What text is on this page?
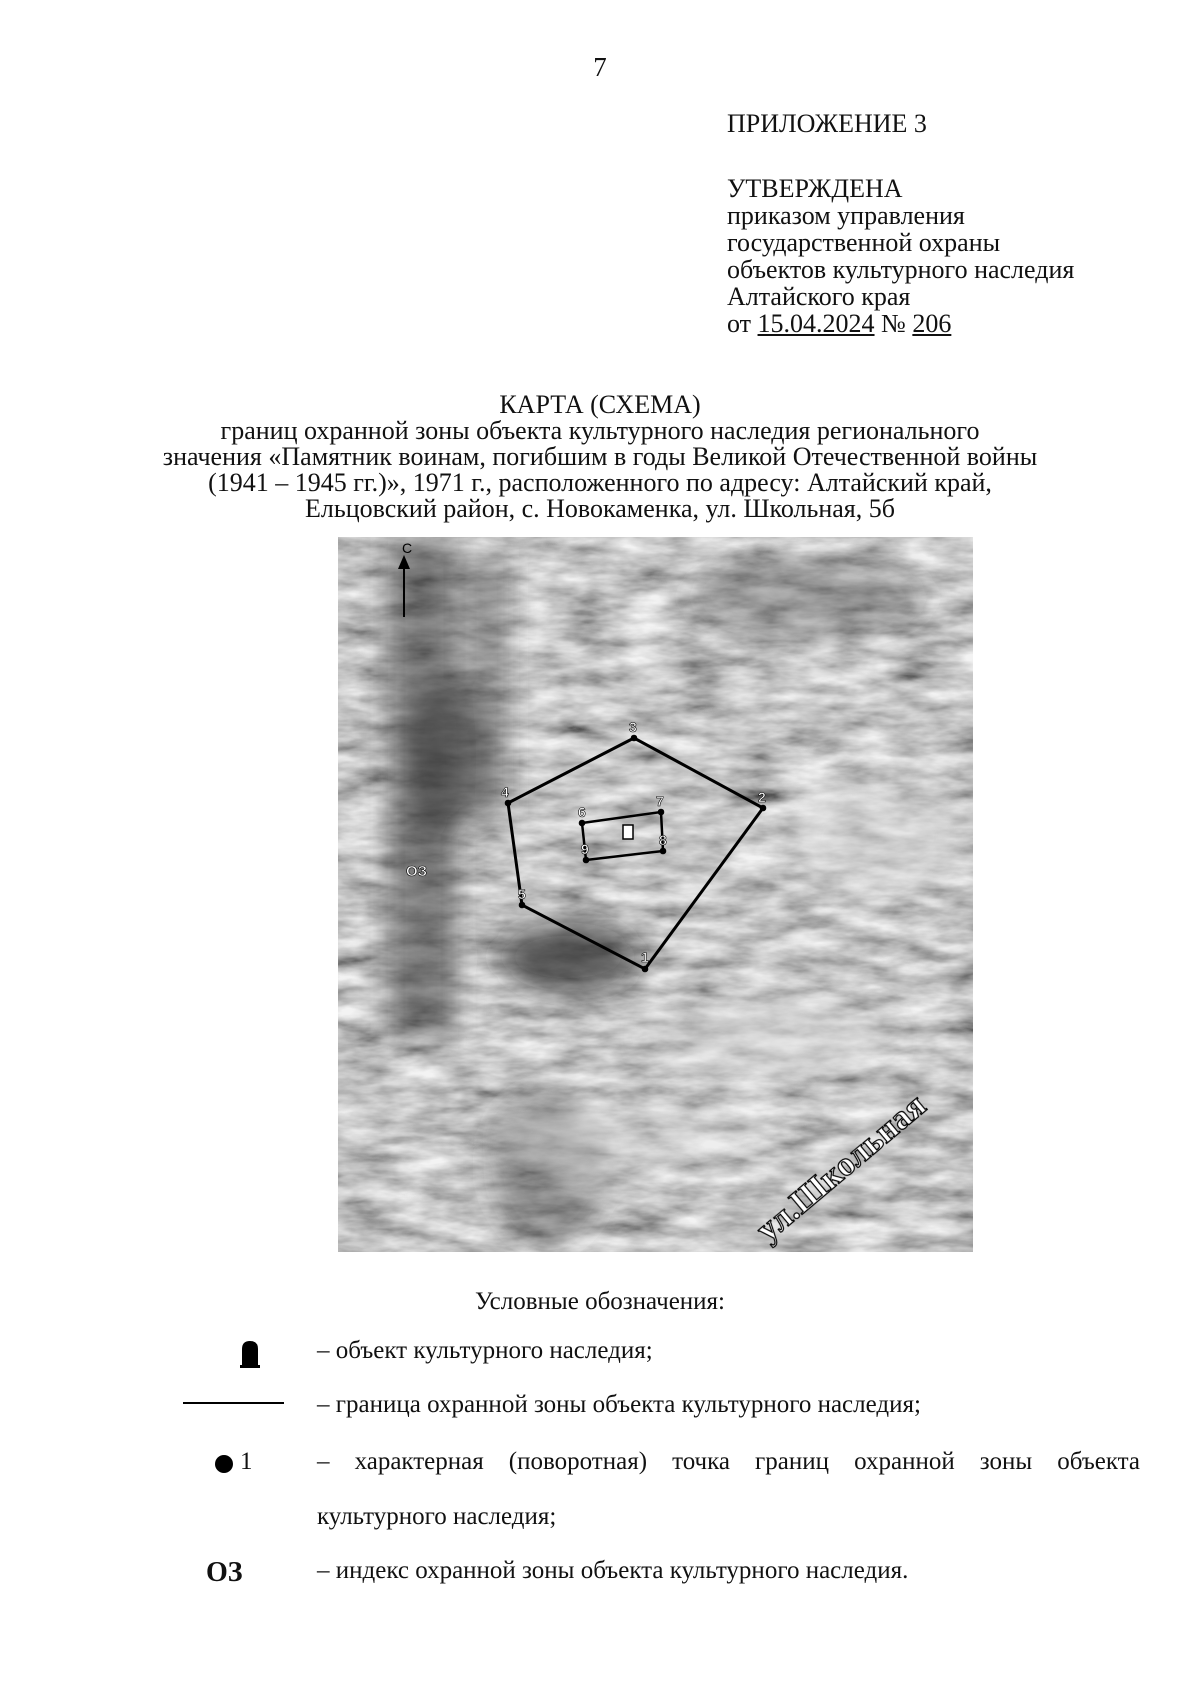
7
ПРИЛОЖЕНИЕ 3
УТВЕРЖДЕНА
приказом управления
государственной охраны
объектов культурного наследия
Алтайского края
от 15.04.2024 № 206
КАРТА (СХЕМА)
границ охранной зоны объекта культурного наследия регионального
значения «Памятник воинам, погибшим в годы Великой Отечественной войны
(1941 – 1945 гг.)», 1971 г., расположенного по адресу: Алтайский край,
Ельцовский район, с. Новокаменка, ул. Школьная, 5б
С
1
2
3
4
5
6
7
8
9
ОЗ
ул.Школьная
Условные обозначения:
– объект культурного наследия;
– граница охранной зоны объекта культурного наследия;
1	– характерная (поворотная) точка границ охранной зоны объекта
культурного наследия;
ОЗ	– индекс охранной зоны объекта культурного наследия.
